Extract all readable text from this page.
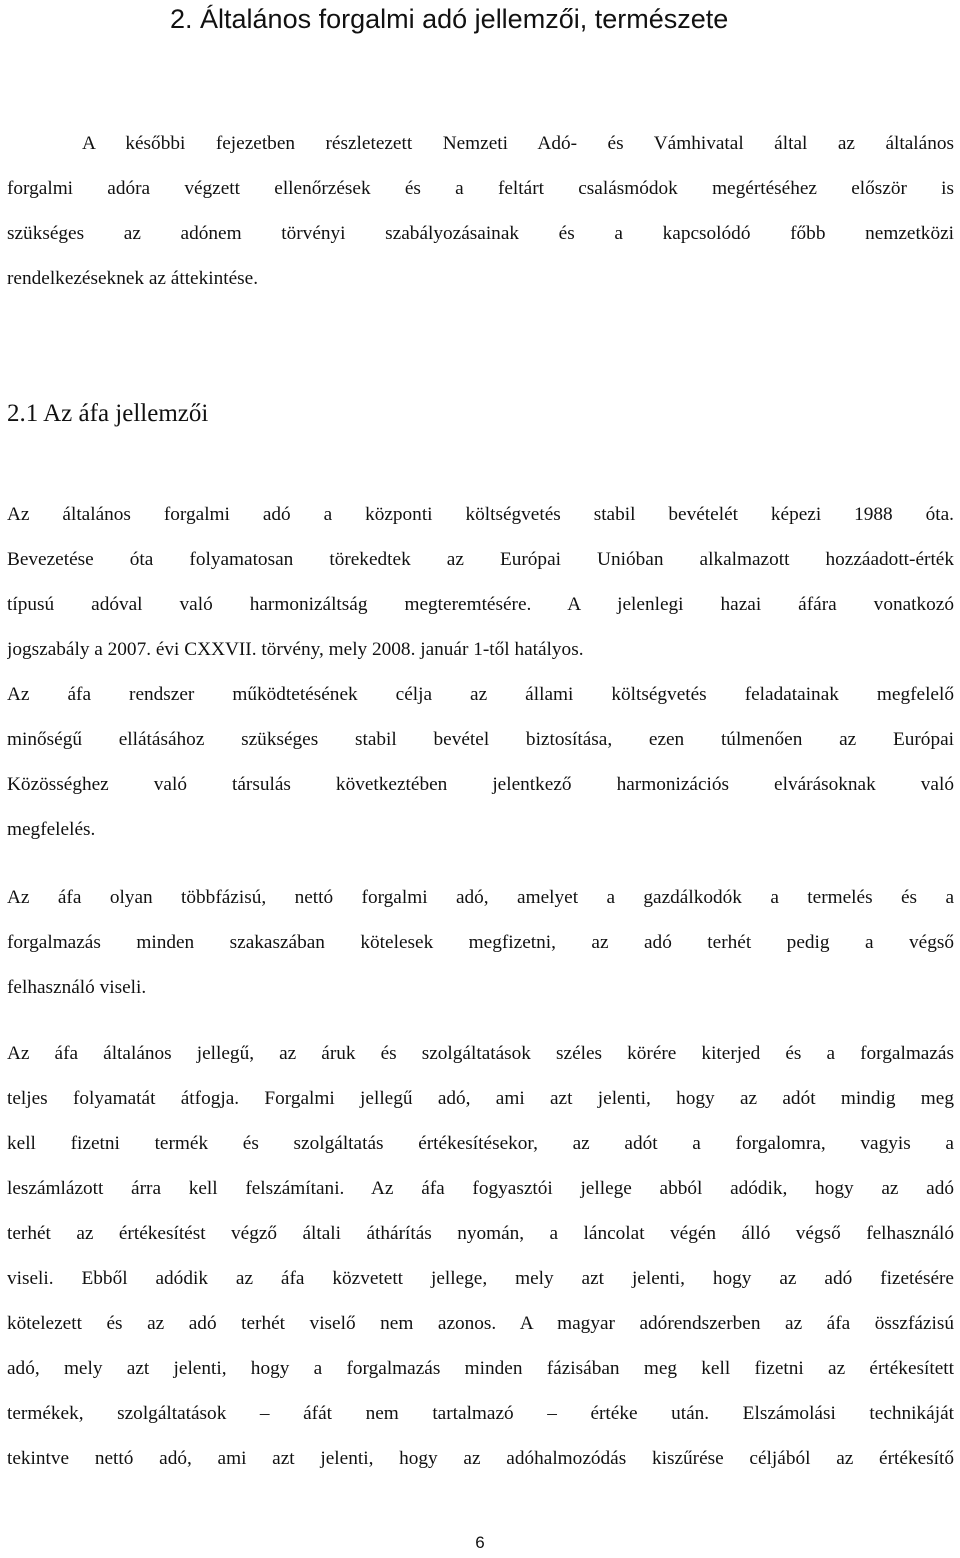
2. Általános forgalmi adó jellemzői, természete
A későbbi fejezetben részletezett Nemzeti Adó- és Vámhivatal által az általános
forgalmi adóra végzett ellenőrzések és a feltárt csalásmódok megértéséhez először is
szükséges az adónem törvényi szabályozásainak és a kapcsolódó főbb nemzetközi
rendelkezéseknek az áttekintése.
2.1 Az áfa jellemzői
Az általános forgalmi adó a központi költségvetés stabil bevételét képezi 1988 óta.
Bevezetése óta folyamatosan törekedtek az Európai Unióban alkalmazott hozzáadott-érték
típusú adóval való harmonizáltság megteremtésére. A jelenlegi hazai áfára vonatkozó
jogszabály a 2007. évi CXXVII. törvény, mely 2008. január 1-től hatályos.
Az áfa rendszer működtetésének célja az állami költségvetés feladatainak megfelelő
minőségű ellátásához szükséges stabil bevétel biztosítása, ezen túlmenően az Európai
Közösséghez való társulás következtében jelentkező harmonizációs elvárásoknak való
megfelelés.
Az áfa olyan többfázisú, nettó forgalmi adó, amelyet a gazdálkodók a termelés és a
forgalmazás minden szakaszában kötelesek megfizetni, az adó terhét pedig a végső
felhasználó viseli.
Az áfa általános jellegű, az áruk és szolgáltatások széles körére kiterjed és a forgalmazás
teljes folyamatát átfogja. Forgalmi jellegű adó, ami azt jelenti, hogy az adót mindig meg
kell fizetni termék és szolgáltatás értékesítésekor, az adót a forgalomra, vagyis a
leszámlázott árra kell felszámítani. Az áfa fogyasztói jellege abból adódik, hogy az adó
terhét az értékesítést végző általi áthárítás nyomán, a láncolat végén álló végső felhasználó
viseli. Ebből adódik az áfa közvetett jellege, mely azt jelenti, hogy az adó fizetésére
kötelezett és az adó terhét viselő nem azonos. A magyar adórendszerben az áfa összfázisú
adó, mely azt jelenti, hogy a forgalmazás minden fázisában meg kell fizetni az értékesített
termékek, szolgáltatások – áfát nem tartalmazó – értéke után. Elszámolási technikáját
tekintve nettó adó, ami azt jelenti, hogy az adóhalmozódás kiszűrése céljából az értékesítő

6
